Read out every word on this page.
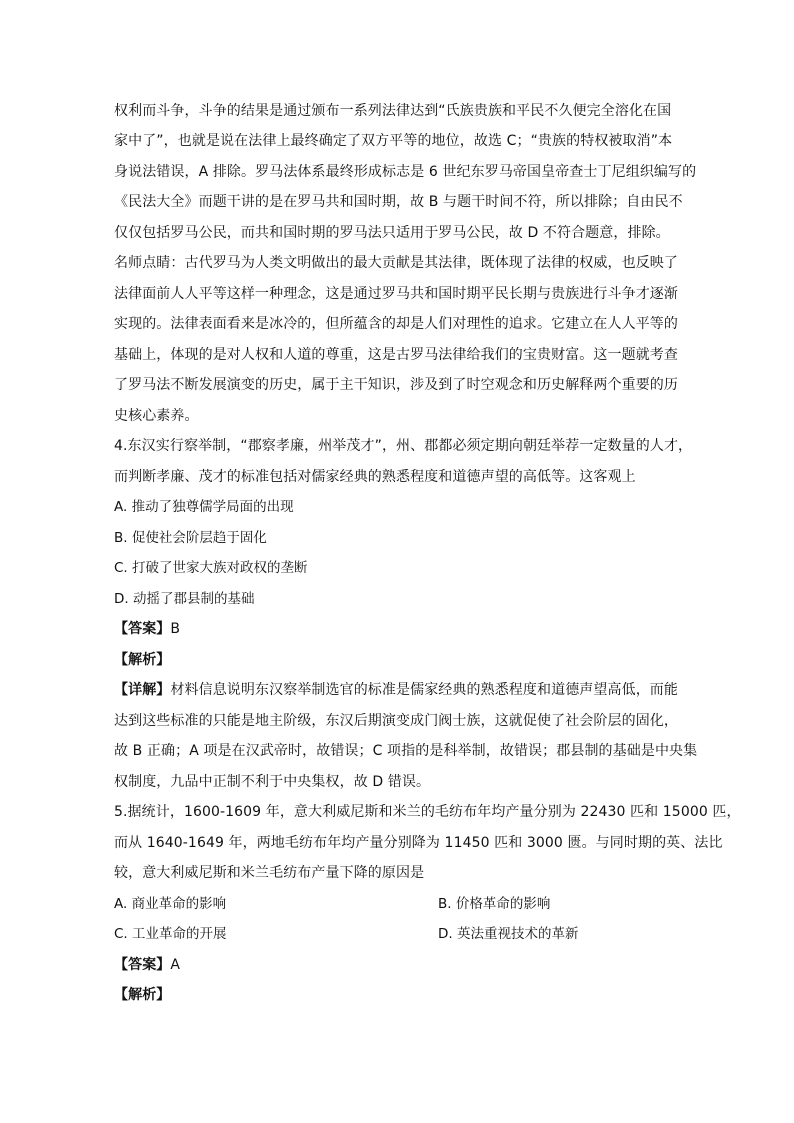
权利而斗争，斗争的结果是通过颁布一系列法律达到“氏族贵族和平民不久便完全溶化在国
家中了”，也就是说在法律上最终确定了双方平等的地位，故选 C；“贵族的特权被取消”本
身说法错误，A 排除。罗马法体系最终形成标志是 6 世纪东罗马帝国皇帝查士丁尼组织编写的
《民法大全》而题干讲的是在罗马共和国时期，故 B 与题干时间不符，所以排除；自由民不
仅仅包括罗马公民，而共和国时期的罗马法只适用于罗马公民，故 D 不符合题意，排除。
名师点睛：古代罗马为人类文明做出的最大贡献是其法律，既体现了法律的权威，也反映了
法律面前人人平等这样一种理念，这是通过罗马共和国时期平民长期与贵族进行斗争才逐渐
实现的。法律表面看来是冰冷的，但所蕴含的却是人们对理性的追求。它建立在人人平等的
基础上，体现的是对人权和人道的尊重，这是古罗马法律给我们的宝贵财富。这一题就考查
了罗马法不断发展演变的历史，属于主干知识，涉及到了时空观念和历史解释两个重要的历
史核心素养。
4.东汉实行察举制，“郡察孝廉，州举茂才”，州、郡都必须定期向朝廷举荐一定数量的人才，
而判断孝廉、茂才的标准包括对儒家经典的熟悉程度和道德声望的高低等。这客观上
A. 推动了独尊儒学局面的出现
B. 促使社会阶层趋于固化
C. 打破了世家大族对政权的垄断
D. 动摇了郡县制的基础
【答案】B
【解析】
【详解】材料信息说明东汉察举制选官的标准是儒家经典的熟悉程度和道德声望高低，而能
达到这些标准的只能是地主阶级，东汉后期演变成门阀士族，这就促使了社会阶层的固化，
故 B 正确；A 项是在汉武帝时，故错误；C 项指的是科举制，故错误；郡县制的基础是中央集
权制度，九品中正制不利于中央集权，故 D 错误。
5.据统计，1600-1609 年，意大利威尼斯和米兰的毛纺布年均产量分别为 22430 匹和 15000 匹，
而从 1640-1649 年，两地毛纺布年均产量分别降为 11450 匹和 3000 匮。与同时期的英、法比
较，意大利威尼斯和米兰毛纺布产量下降的原因是
A. 商业革命的影响	B. 价格革命的影响
C. 工业革命的开展	D. 英法重视技术的革新
【答案】A
【解析】
